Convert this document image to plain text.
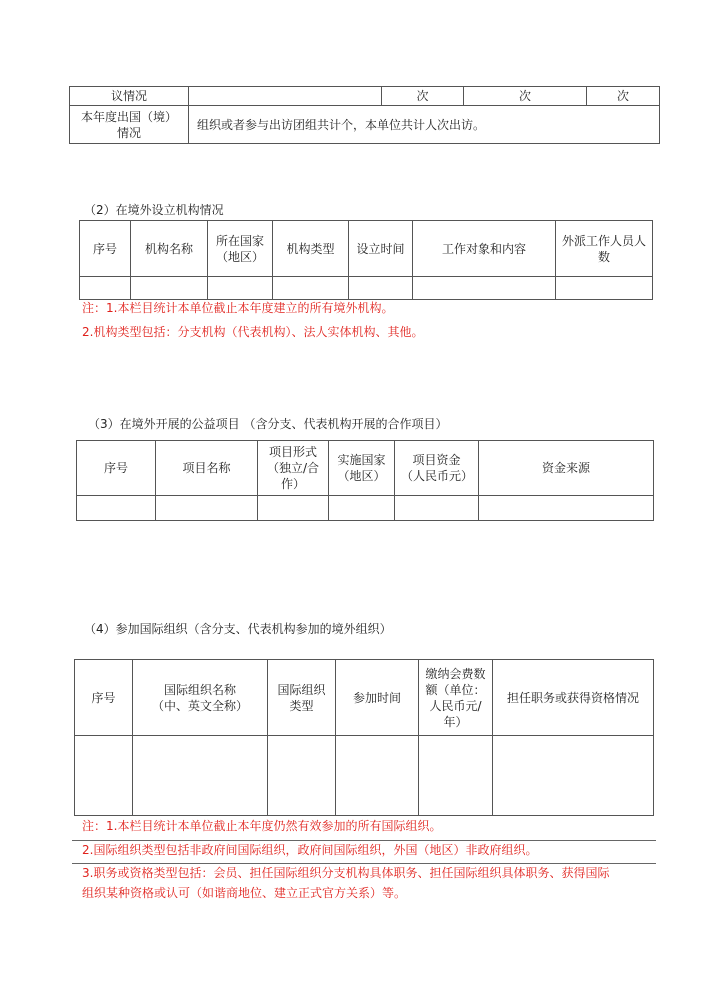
议情况		次	次	次

本年度出国（境）
情况	组织或者参与出访团组共计个，本单位共计人次出访。			
（2）在境外设立机构情况
序号	机构名称	所在国家（地区）	机构类型	设立时间	工作对象和内容	外派工作人员人数

注：1.本栏目统计本单位截止本年度建立的所有境外机构。
2.机构类型包括：分支机构（代表机构）、法人实体机构、其他。
（3）在境外开展的公益项目 （含分支、代表机构开展的合作项目）
序号	项目名称	项目形式（独立/合作）	实施国家（地区）	项目资金（人民币元）	资金来源

（4）参加国际组织（含分支、代表机构参加的境外组织）
序号	国际组织名称（中、英文全称）	国际组织类型	参加时间	缴纳会费数额（单位：人民币元/年）	担任职务或获得资格情况

注：1.本栏目统计本单位截止本年度仍然有效参加的所有国际组织。
2.国际组织类型包括非政府间国际组织，政府间国际组织，外国（地区）非政府组织。
3.职务或资格类型包括：会员、担任国际组织分支机构具体职务、担任国际组织具体职务、获得国际
组织某种资格或认可（如谐商地位、建立正式官方关系）等。
